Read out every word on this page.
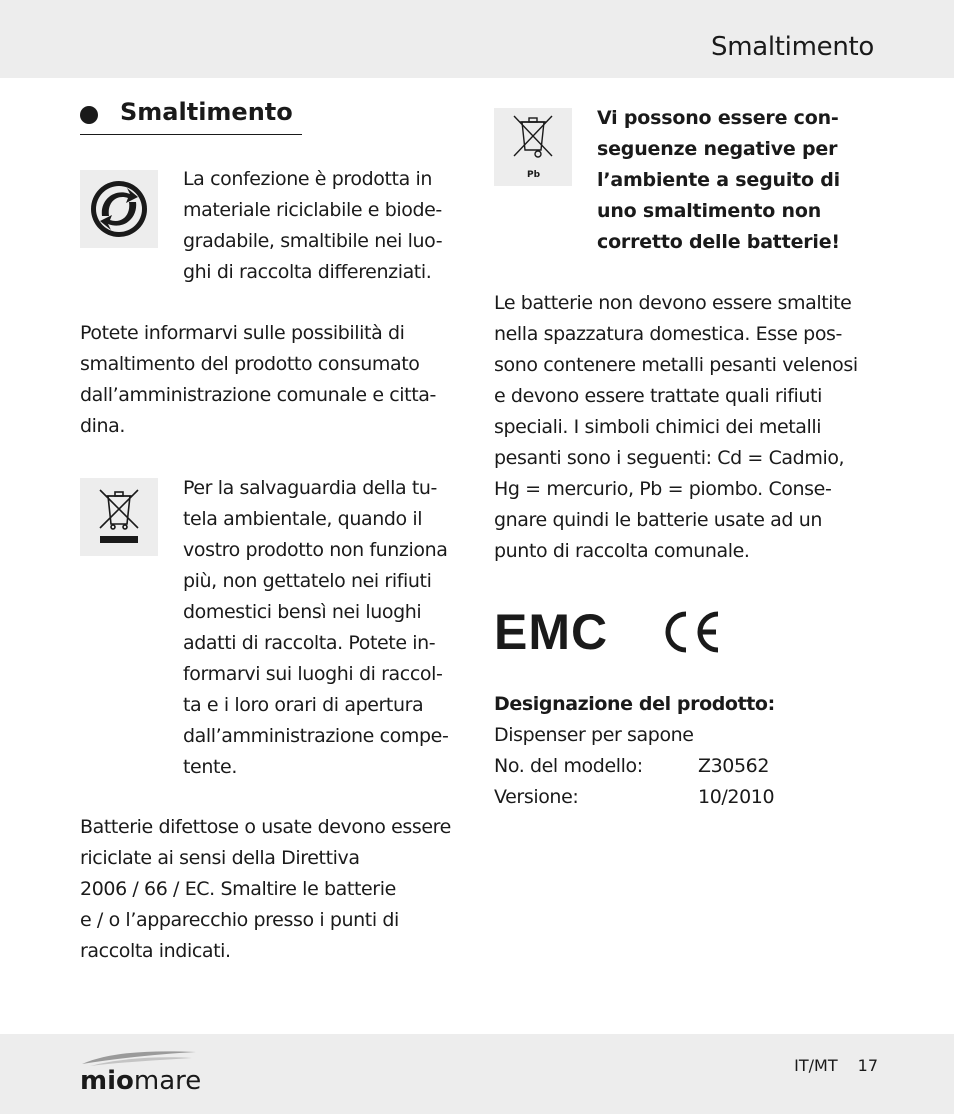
Smaltimento
Smaltimento
La confezione è prodotta in
materiale riciclabile e biode-
gradabile, smaltibile nei luo-
ghi di raccolta differenziati.
Potete informarvi sulle possibilità di
smaltimento del prodotto consumato
dall’amministrazione comunale e citta-
dina.
Per la salvaguardia della tu-
tela ambientale, quando il
vostro prodotto non funziona
più, non gettatelo nei rifiuti
domestici bensì nei luoghi
adatti di raccolta. Potete in-
formarvi sui luoghi di raccol-
ta e i loro orari di apertura
dall’amministrazione compe-
tente.
Batterie difettose o usate devono essere
riciclate ai sensi della Direttiva
2006 / 66 / EC. Smaltire le batterie
e / o l’apparecchio presso i punti di
raccolta indicati.
Pb
Vi possono essere con-
seguenze negative per
l’ambiente a seguito di
uno smaltimento non
corretto delle batterie!
Le batterie non devono essere smaltite
nella spazzatura domestica. Esse pos-
sono contenere metalli pesanti velenosi
e devono essere trattate quali rifiuti
speciali. I simboli chimici dei metalli
pesanti sono i seguenti: Cd = Cadmio,
Hg = mercurio, Pb = piombo. Conse-
gnare quindi le batterie usate ad un
punto di raccolta comunale.
EMC
Designazione del prodotto:
Dispenser per sapone
No. del modello:	Z30562
Versione:	10/2010
miomare
IT/MT 17
